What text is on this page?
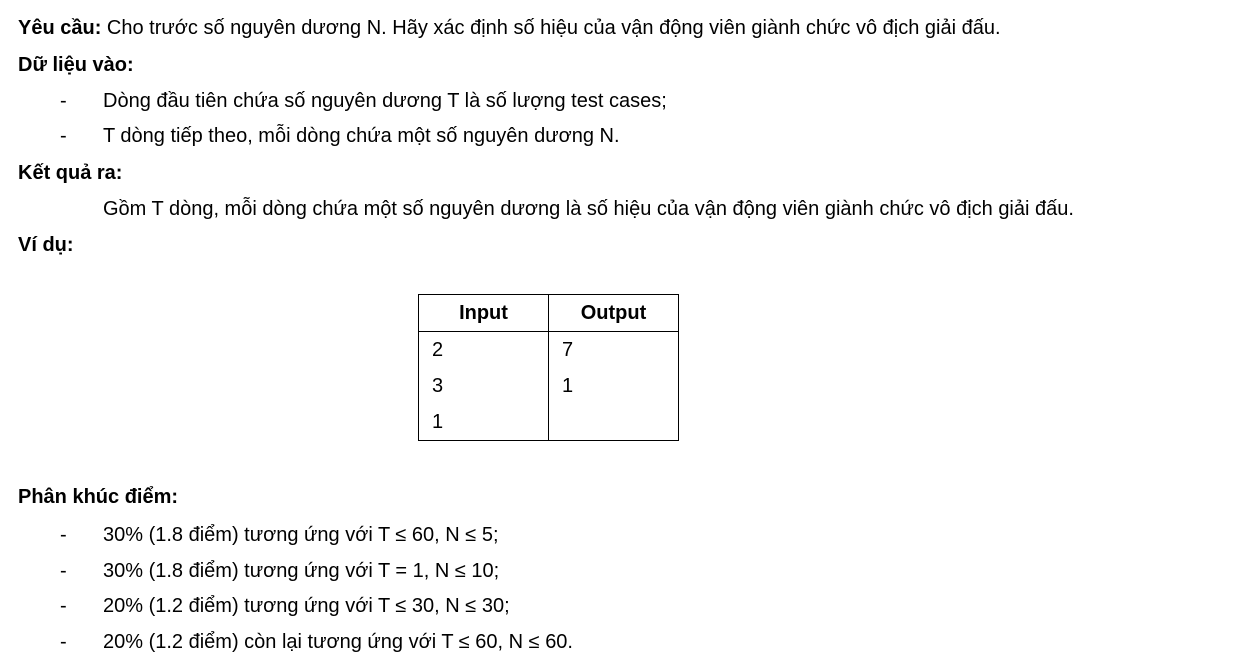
Yêu cầu: Cho trước số nguyên dương N. Hãy xác định số hiệu của vận động viên giành chức vô địch giải đấu.
Dữ liệu vào:
- Dòng đầu tiên chứa số nguyên dương T là số lượng test cases;
- T dòng tiếp theo, mỗi dòng chứa một số nguyên dương N.
Kết quả ra:
Gồm T dòng, mỗi dòng chứa một số nguyên dương là số hiệu của vận động viên giành chức vô địch giải đấu.
Ví dụ:
Input	Output
2	7
3	1
1	
Phân khúc điểm:
- 30% (1.8 điểm) tương ứng với T ≤ 60, N ≤ 5;
- 30% (1.8 điểm) tương ứng với T = 1, N ≤ 10;
- 20% (1.2 điểm) tương ứng với T ≤ 30, N ≤ 30;
- 20% (1.2 điểm) còn lại tương ứng với T ≤ 60, N ≤ 60.
